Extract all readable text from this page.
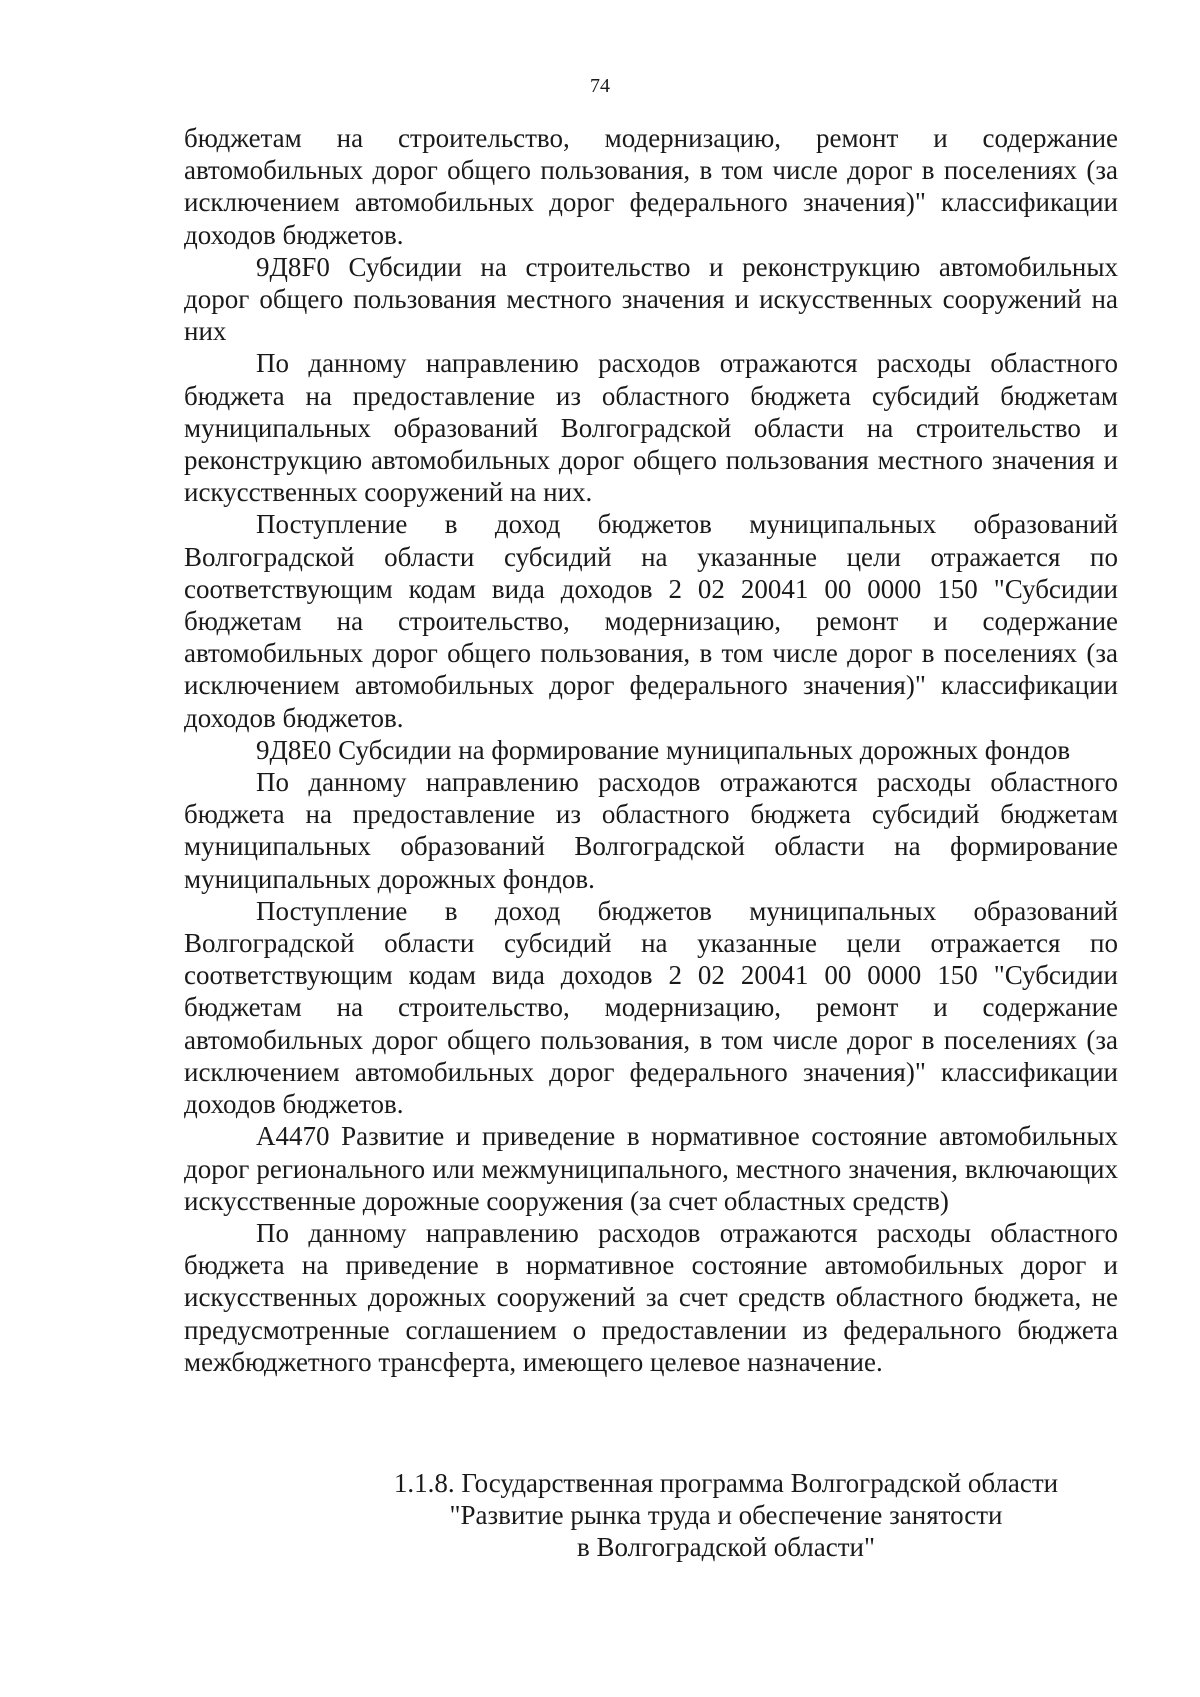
74

бюджетам на строительство, модернизацию, ремонт и содержание автомобильных дорог общего пользования, в том числе дорог в поселениях (за исключением автомобильных дорог федерального значения)" классификации доходов бюджетов.

9Д8F0 Субсидии на строительство и реконструкцию автомобильных дорог общего пользования местного значения и искусственных сооружений на них

По данному направлению расходов отражаются расходы областного бюджета на предоставление из областного бюджета субсидий бюджетам муниципальных образований Волгоградской области на строительство и реконструкцию автомобильных дорог общего пользования местного значения и искусственных сооружений на них.

Поступление в доход бюджетов муниципальных образований Волгоградской области субсидий на указанные цели отражается по соответствующим кодам вида доходов 2 02 20041 00 0000 150 "Субсидии бюджетам на строительство, модернизацию, ремонт и содержание автомобильных дорог общего пользования, в том числе дорог в поселениях (за исключением автомобильных дорог федерального значения)" классификации доходов бюджетов.

9Д8Е0 Субсидии на формирование муниципальных дорожных фондов

По данному направлению расходов отражаются расходы областного бюджета на предоставление из областного бюджета субсидий бюджетам муниципальных образований Волгоградской области на формирование муниципальных дорожных фондов.

Поступление в доход бюджетов муниципальных образований Волгоградской области субсидий на указанные цели отражается по соответствующим кодам вида доходов 2 02 20041 00 0000 150 "Субсидии бюджетам на строительство, модернизацию, ремонт и содержание автомобильных дорог общего пользования, в том числе дорог в поселениях (за исключением автомобильных дорог федерального значения)" классификации доходов бюджетов.

А4470 Развитие и приведение в нормативное состояние автомобильных дорог регионального или межмуниципального, местного значения, включающих искусственные дорожные сооружения (за счет областных средств)

По данному направлению расходов отражаются расходы областного бюджета на приведение в нормативное состояние автомобильных дорог и искусственных дорожных сооружений за счет средств областного бюджета, не предусмотренные соглашением о предоставлении из федерального бюджета межбюджетного трансферта, имеющего целевое назначение.

1.1.8. Государственная программа Волгоградской области
"Развитие рынка труда и обеспечение занятости
в Волгоградской области"
